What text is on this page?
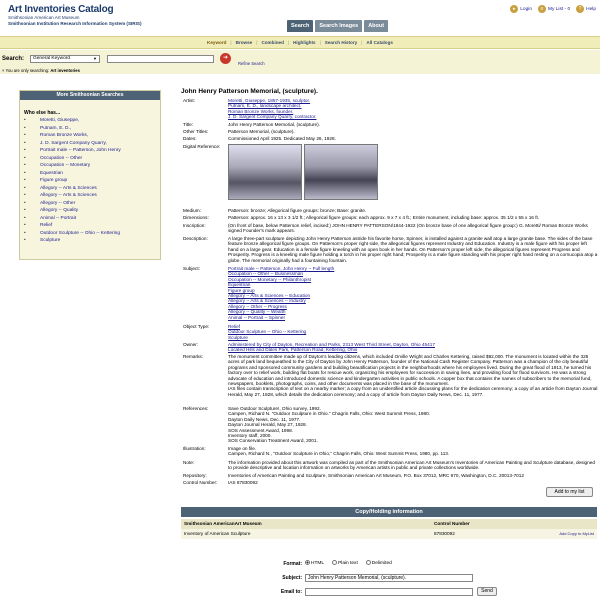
Art Inventories Catalog
Smithsonian American Art Museum
Smithsonian Institution Research Information System (SIRIS)
▸ Login	≡ My List - 0	? Help
Search	Search Images	About
Keyword | Browse | Combined | Highlights | Search History | All Catalogs
Search:	General Keyword	▼	➜
Refine Search
× You are only searching: Art inventories
More Smithsonian Searches
Who else has...
• Moretti, Giuseppe,
• Putnam, E. D.,
• Roman Bronze Works,
• J. D. Sargent Company Quarry,
• Portrait male -- Patterson, John Henry
• Occupation -- Other
• Occupation -- Monetary
• Equestrian
• Figure group
• Allegory -- Arts & Sciences
• Allegory -- Arts & Sciences
• Allegory -- Other
• Allegory -- Quality
• Animal -- Portrait
• Relief
• Outdoor Sculpture -- Ohio -- Kettering
• Sculpture
John Henry Patterson Memorial, (sculpture).
Artist:	Moretti, Giuseppe, 1857-1935, sculptor.
Putnam, E. D., landscape architect.
Roman Bronze Works, founder.
J. D. Sargent Company Quarry, contractor.
Title:	John Henry Patterson Memorial, (sculpture).
Other Titles:	Patterson Memorial, (sculpture).
Dates:	Commissioned April 1925. Dedicated May 26, 1928.
Digital Reference:
Medium:	Patterson: bronze; Allegorical figure groups: bronze; Base: granite.
Dimensions:	Patterson: approx. 16 x 13 x 3 1/2 ft.; Allegorical figure groups: each approx. 9 x 7 x 4 ft.; Entire monument, including base: approx. 35 1/2 x 55 x 16 ft.
Inscription:	(On front of base, below Patterson relief, incised:) JOHN HENRY PATTERSON/1844-1922 (On bronze base of one allegorical figure group:) G. Moretti/ Roman Bronze Works signed Founder's mark appears.
Description:	A large three-part sculpture depicting John Henry Patterson astride his favorite horse, Spinner, is installed against a granite wall atop a large granite base. The sides of the base feature bronze allegorical figure groups. On Patterson's proper right side, the allegorical figures represent Industry and Education. Industry is a male figure with his proper left hand on a large gear. Education is a female figure kneeling with an open book in her hands. On Patterson's proper left side, the allegorical figures represent Progress and Prosperity. Progress is a kneeling male figure holding a torch in his proper right hand; Prosperity is a male figure standing with his proper right hand resting on a cornucopia atop a globe. The memorial originally had a fountaining fountain.
Subject:	Portrait male -- Patterson, John Henry -- Full length
Occupation -- Other -- Businessman
Occupation -- Monetary -- Philanthropist
Equestrian
Figure group
Allegory -- Arts & Sciences -- Education
Allegory -- Arts & Sciences -- Industry
Allegory -- Other -- Progress
Allegory -- Quality -- Wealth
Animal -- Portrait -- Spinner
Object Type:	Relief
Outdoor Sculpture -- Ohio -- Kettering
Sculpture
Owner:	Administered by City of Dayton, Recreation and Parks, 2313 West Third Street, Dayton, Ohio 45417
Located Hills and Dales Park, Patterson Road, Kettering, Ohio
Remarks:	The monument committee made up of Dayton's leading citizens, which included Orville Wright and Charles Kettering, raised $92,000. The monument is located within the 325 acres of park land bequeathed to the City of Dayton by John Henry Patterson, founder of the National Cash Register Company. Patterson was a champion of the city beautiful programs and sponsored community gardens and building beautification projects in the neighborhoods where his employees lived. During the great flood of 1913, he turned his factory over to relief work, building flat boats for rescue work, organizing his employees for succession in saving lives, and providing food for flood survivors. He was a strong advocate of education and introduced domestic science and kindergarten activities in public schools. A copper box that contains the names of subscribers to the memorial fund, newspapers, booklets, photographs, coins, and other documents was placed in the base of the monument.
IAS files contain transcription of text on a nearby marker; a copy from an unidentified article discussing plans for the dedication ceremony; a copy of an article from Dayton Journal Herald, May 27, 1928, which details the dedication ceremony; and a copy of article from Dayton Daily News, Dec. 11, 1977.
References:	Save Outdoor Sculpture!, Ohio survey, 1992.
Campen, Richard N. "Outdoor Sculpture in Ohio." Chagrin Falls, Ohio: West Summit Press, 1980.
Dayton Daily News, Dec. 11, 1977.
Dayton Journal Herald, May 27, 1928.
SOS Assessment Award, 1998.
Inventory staff, 2000.
SOS Conservation Treatment Award, 2001.
Illustration:	Image on file.
Campen, Richard N., "Outdoor Sculpture in Ohio," Chagrin Falls, Ohio: West Summit Press, 1980, pp. 113.
Note:	The information provided about this artwork was compiled as part of the Smithsonian American Art Museum's Inventories of American Painting and Sculpture database, designed to provide descriptive and location information on artworks by American artists in public and private collections worldwide.
Repository:	Inventories of American Painting and Sculpture, Smithsonian American Art Museum, P.O. Box 37012, MRC 970, Washington, D.C. 20013-7012
Control Number: IAS 87830092
Add to my list
Copy/Holding information
Smithsonian AmericanArt Museum	Control Number
Inventory of American Sculpture	87830092	Add Copy to MyList
Format:	HTML	Plain text	Delimited
Subject:	John Henry Patterson Memorial, (sculpture).
Email to:	Send
